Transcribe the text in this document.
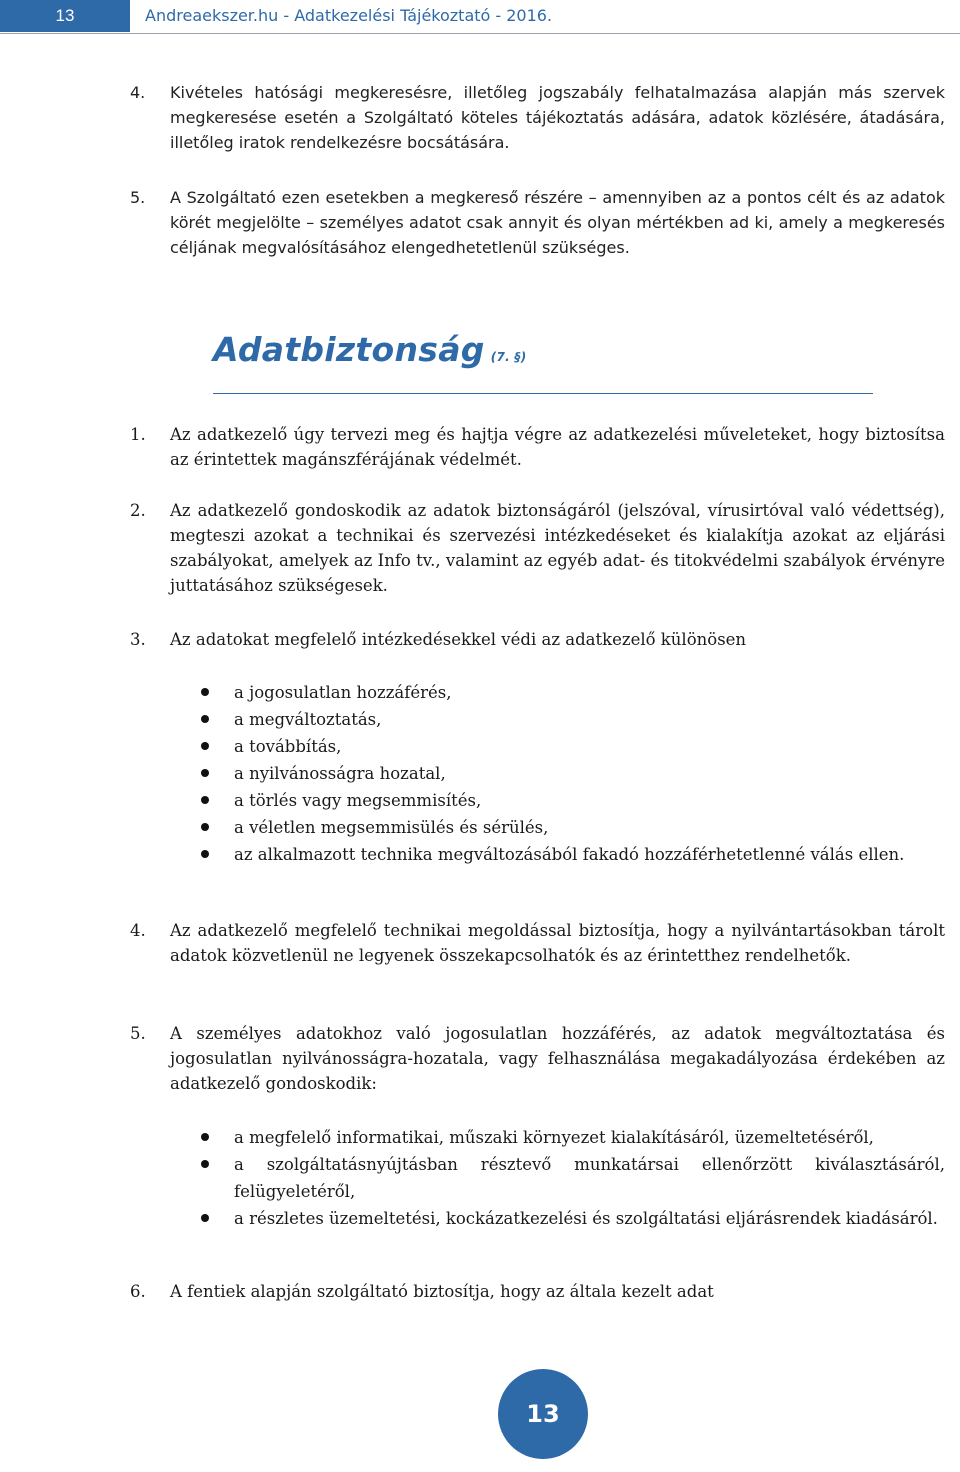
13	Andreaekszer.hu - Adatkezelési Tájékoztató - 2016.
4. Kivételes hatósági megkeresésre, illetőleg jogszabály felhatalmazása alapján más szervek megkeresése esetén a Szolgáltató köteles tájékoztatás adására, adatok közlésére, átadására, illetőleg iratok rendelkezésre bocsátására.
5. A Szolgáltató ezen esetekben a megkereső részére – amennyiben az a pontos célt és az adatok körét megjelölte – személyes adatot csak annyit és olyan mértékben ad ki, amely a megkeresés céljának megvalósításához elengedhetetlenül szükséges.
Adatbiztonság (7. §)
1. Az adatkezelő úgy tervezi meg és hajtja végre az adatkezelési műveleteket, hogy biztosítsa az érintettek magánszférájának védelmét.
2. Az adatkezelő gondoskodik az adatok biztonságáról (jelszóval, vírusirtóval való védettség), megteszi azokat a technikai és szervezési intézkedéseket és kialakítja azokat az eljárási szabályokat, amelyek az Info tv., valamint az egyéb adat- és titokvédelmi szabályok érvényre juttatásához szükségesek.
3. Az adatokat megfelelő intézkedésekkel védi az adatkezelő különösen
a jogosulatlan hozzáférés,
a megváltoztatás,
a továbbítás,
a nyilvánosságra hozatal,
a törlés vagy megsemmisítés,
a véletlen megsemmisülés és sérülés,
az alkalmazott technika megváltozásából fakadó hozzáférhetetlenné válás ellen.
4. Az adatkezelő megfelelő technikai megoldással biztosítja, hogy a nyilvántartásokban tárolt adatok közvetlenül ne legyenek összekapcsolhatók és az érintetthez rendelhetők.
5. A személyes adatokhoz való jogosulatlan hozzáférés, az adatok megváltoztatása és jogosulatlan nyilvánosságra-hozatala, vagy felhasználása megakadályozása érdekében az adatkezelő gondoskodik:
a megfelelő informatikai, műszaki környezet kialakításáról, üzemeltetéséről,
a szolgáltatásnyújtásban résztevő munkatársai ellenőrzött kiválasztásáról, felügyeletéről,
a részletes üzemeltetési, kockázatkezelési és szolgáltatási eljárásrendek kiadásáról.
6. A fentiek alapján szolgáltató biztosítja, hogy az általa kezelt adat
13
